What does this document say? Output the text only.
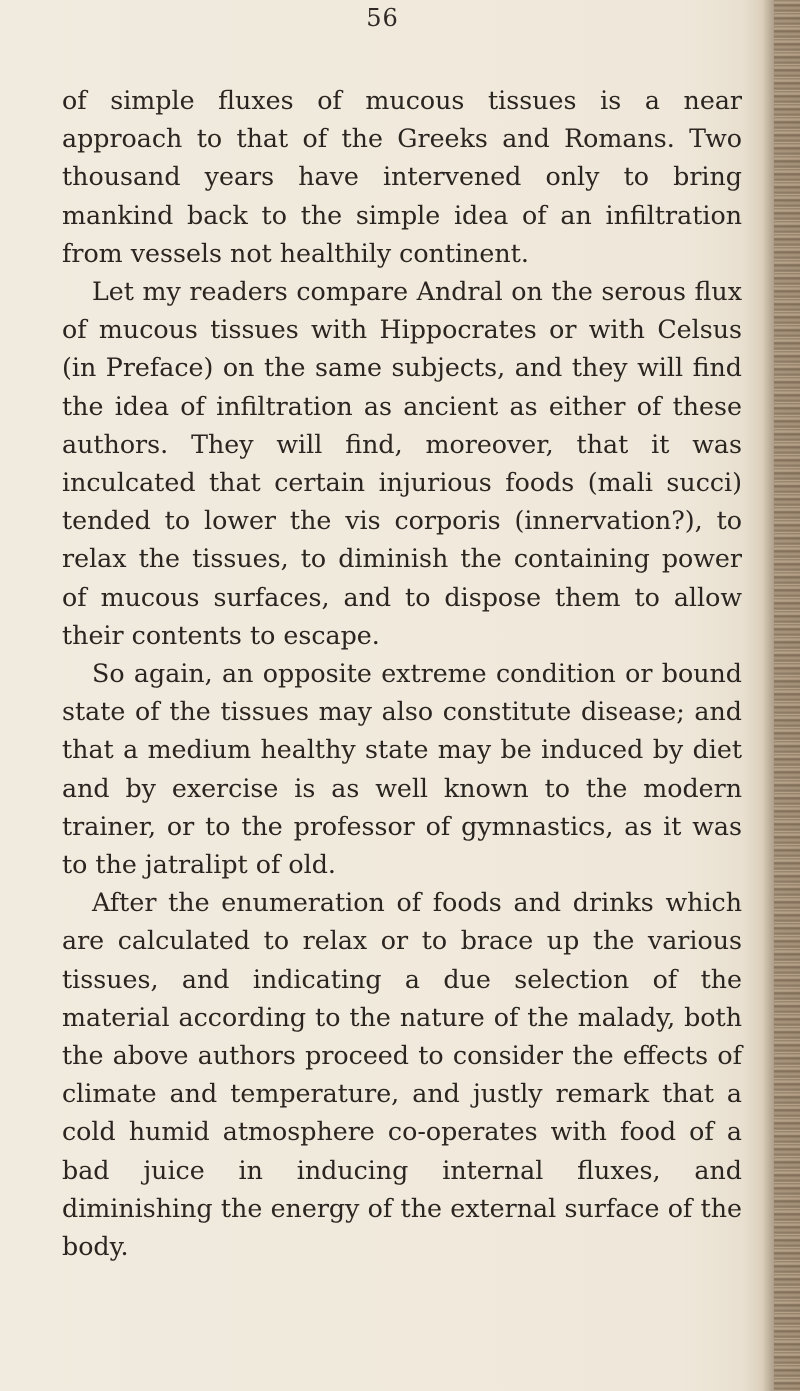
56

of simple fluxes of mucous tissues is a near approach to that of the Greeks and Romans. Two thousand years have intervened only to bring mankind back to the simple idea of an infiltration from vessels not healthily continent.

Let my readers compare Andral on the serous flux of mucous tissues with Hippocrates or with Celsus (in Preface) on the same subjects, and they will find the idea of infiltration as ancient as either of these authors. They will find, moreover, that it was inculcated that certain injurious foods (mali succi) tended to lower the vis corporis (innervation?), to relax the tissues, to diminish the containing power of mucous surfaces, and to dispose them to allow their contents to escape.

So again, an opposite extreme condition or bound state of the tissues may also constitute disease; and that a medium healthy state may be induced by diet and by exercise is as well known to the modern trainer, or to the professor of gymnastics, as it was to the jatralipt of old.

After the enumeration of foods and drinks which are calculated to relax or to brace up the various tissues, and indicating a due selection of the material according to the nature of the malady, both the above authors proceed to consider the effects of climate and temperature, and justly remark that a cold humid atmosphere co-operates with food of a bad juice in inducing internal fluxes, and diminishing the energy of the external surface of the body.
